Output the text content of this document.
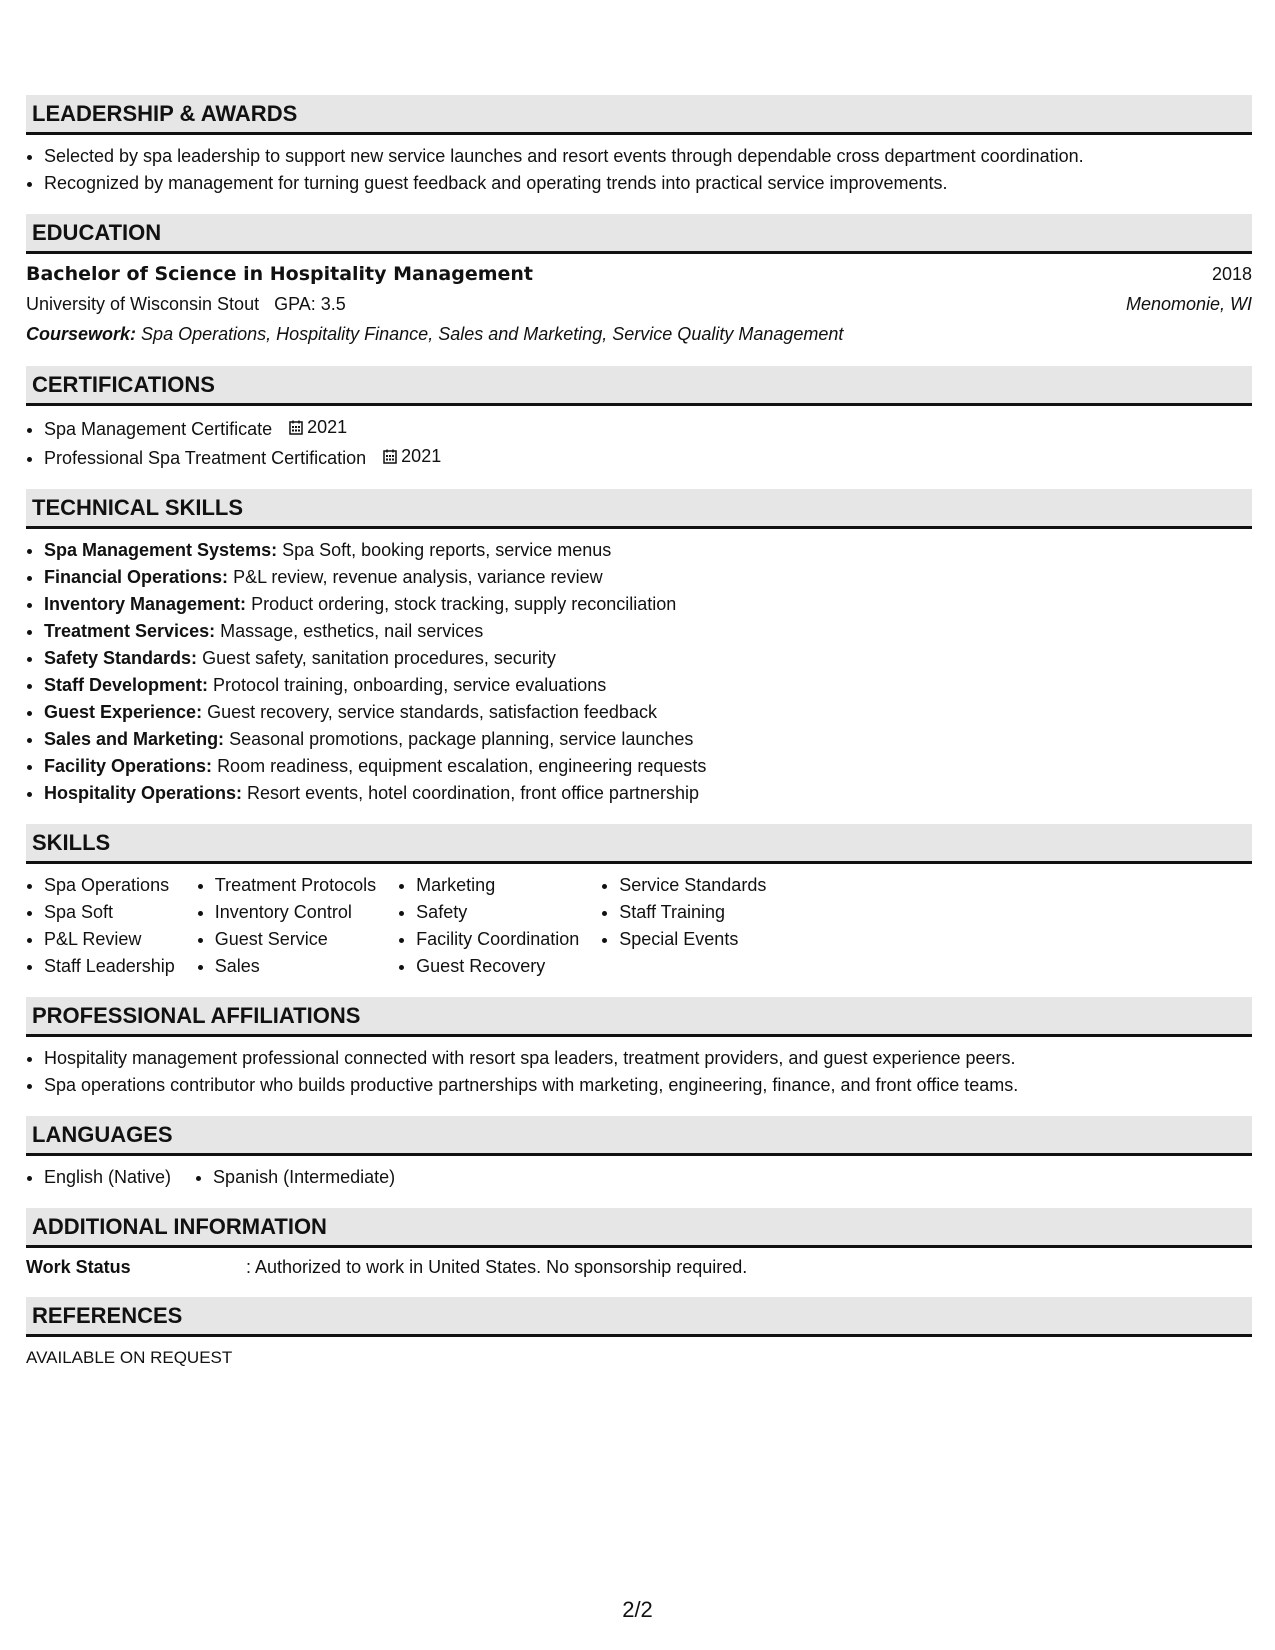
LEADERSHIP & AWARDS
• Selected by spa leadership to support new service launches and resort events through dependable cross department coordination.
• Recognized by management for turning guest feedback and operating trends into practical service improvements.
EDUCATION
Bachelor of Science in Hospitality Management	2018
University of Wisconsin Stout GPA: 3.5	Menomonie, WI
Coursework: Spa Operations, Hospitality Finance, Sales and Marketing, Service Quality Management
CERTIFICATIONS
• Spa Management Certificate 2021
• Professional Spa Treatment Certification 2021
TECHNICAL SKILLS
• Spa Management Systems: Spa Soft, booking reports, service menus
• Financial Operations: P&L review, revenue analysis, variance review
• Inventory Management: Product ordering, stock tracking, supply reconciliation
• Treatment Services: Massage, esthetics, nail services
• Safety Standards: Guest safety, sanitation procedures, security
• Staff Development: Protocol training, onboarding, service evaluations
• Guest Experience: Guest recovery, service standards, satisfaction feedback
• Sales and Marketing: Seasonal promotions, package planning, service launches
• Facility Operations: Room readiness, equipment escalation, engineering requests
• Hospitality Operations: Resort events, hotel coordination, front office partnership
SKILLS
• Spa Operations
• Spa Soft
• P&L Review
• Staff Leadership
• Treatment Protocols
• Inventory Control
• Guest Service
• Sales
• Marketing
• Safety
• Facility Coordination
• Guest Recovery
• Service Standards
• Staff Training
• Special Events
PROFESSIONAL AFFILIATIONS
• Hospitality management professional connected with resort spa leaders, treatment providers, and guest experience peers.
• Spa operations contributor who builds productive partnerships with marketing, engineering, finance, and front office teams.
LANGUAGES
• English (Native)
• Spanish (Intermediate)
ADDITIONAL INFORMATION
Work Status	: Authorized to work in United States. No sponsorship required.
REFERENCES
AVAILABLE ON REQUEST
2/2
